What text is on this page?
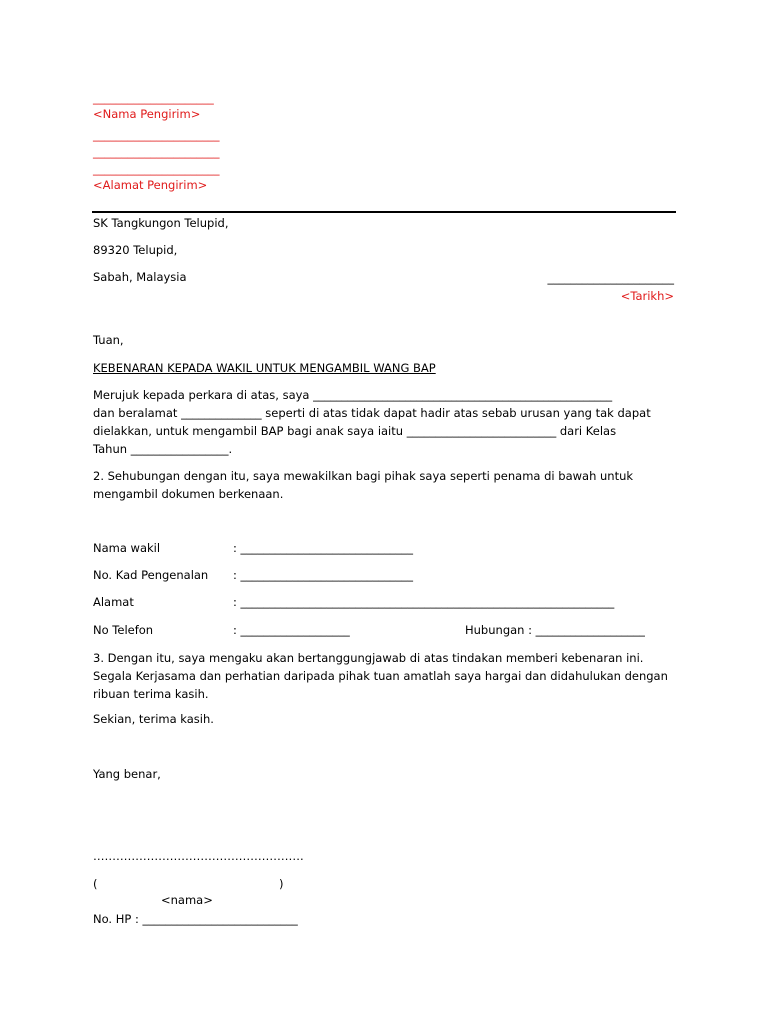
_____________________
<Nama Pengirim>
______________________
______________________
______________________
<Alamat Pengirim>
SK Tangkungon Telupid,
89320 Telupid,
Sabah, Malaysia	______________________
<Tarikh>
Tuan,
KEBENARAN KEPADA WAKIL UNTUK MENGAMBIL WANG BAP
Merujuk kepada perkara di atas, saya ____________________________________________________
dan beralamat ______________ seperti di atas tidak dapat hadir atas sebab urusan yang tak dapat
dielakkan, untuk mengambil BAP bagi anak saya iaitu __________________________ dari Kelas
Tahun _________________.
2. Sehubungan dengan itu, saya mewakilkan bagi pihak saya seperti penama di bawah untuk
mengambil dokumen berkenaan.
Nama wakil	: ______________________________
No. Kad Pengenalan : ______________________________
Alamat	: _________________________________________________________________
No Telefon	: ___________________	Hubungan : ___________________
3. Dengan itu, saya mengaku akan bertanggungjawab di atas tindakan memberi kebenaran ini.
Segala Kerjasama dan perhatian daripada pihak tuan amatlah saya hargai dan didahulukan dengan
ribuan terima kasih.
Sekian, terima kasih.
Yang benar,
……………………………………………….
(	)
<nama>
No. HP : ___________________________
